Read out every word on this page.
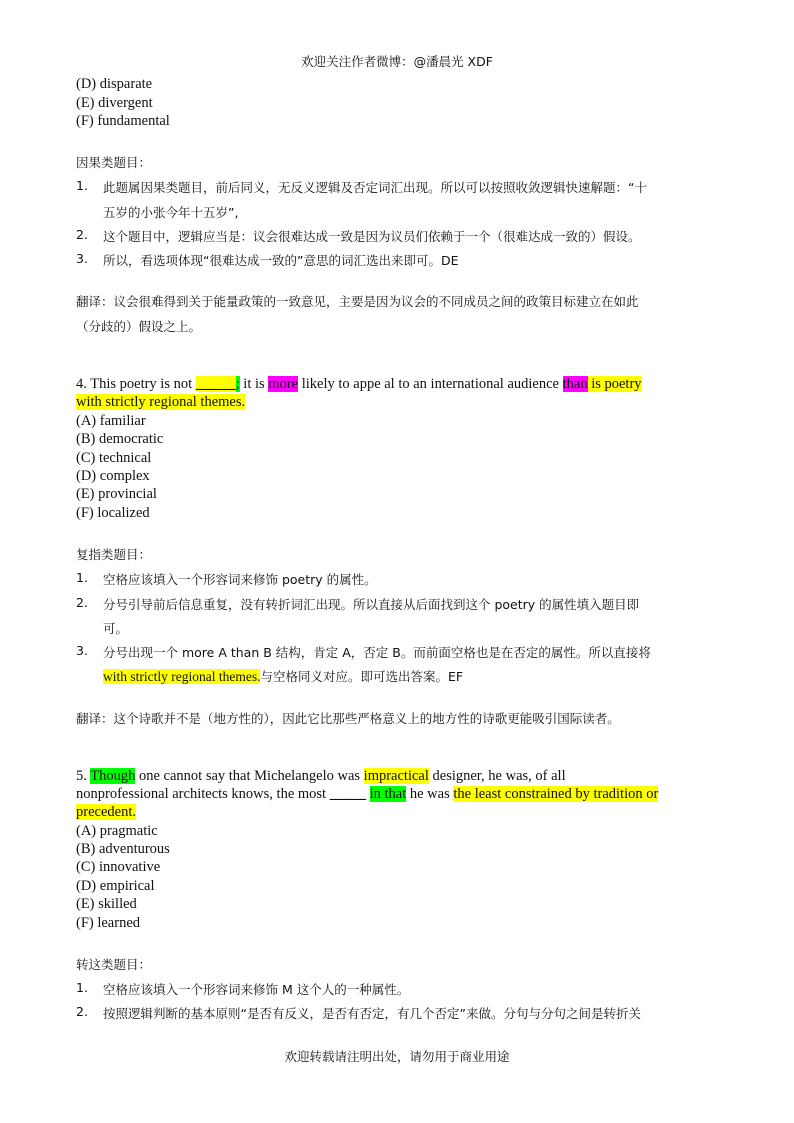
欢迎关注作者微博：@潘晨光 XDF
(D) disparate
(E) divergent
(F) fundamental
因果类题目：
1. 此题属因果类题目，前后同义，无反义逻辑及否定词汇出现。所以可以按照收敛逻辑快速解题：“十
五岁的小张今年十五岁”,
2. 这个题目中，逻辑应当是：议会很难达成一致是因为议员们依赖于一个（很难达成一致的）假设。
3. 所以，看选项体现“很难达成一致的”意思的词汇选出来即可。DE
翻译：议会很难得到关于能量政策的一致意见，主要是因为议会的不同成员之间的政策目标建立在如此
（分歧的）假设之上。
4. This poetry is not ___ __; it is more likely to appe al to an international audience than is poetry
with strictly regional themes.
(A) familiar
(B) democratic
(C) technical
(D) complex
(E) provincial
(F) localized
复指类题目：
1. 空格应该填入一个形容词来修饰 poetry 的属性。
2. 分号引导前后信息重复，没有转折词汇出现。所以直接从后面找到这个 poetry 的属性填入题目即
可。
3. 分号出现一个 more A than B 结构，肯定 A，否定 B。而前面空格也是在否定的属性。所以直接将
with strictly regional themes.与空格同义对应。即可选出答案。EF
翻译：这个诗歌并不是（地方性的），因此它比那些严格意义上的地方性的诗歌更能吸引国际读者。
5. Though one cannot say that Michelangelo was impractical designer, he was, of all
nonprofessional architects knows, the most _____ in that he was the least constrained by tradition or
precedent.
(A) pragmatic
(B) adventurous
(C) innovative
(D) empirical
(E) skilled
(F) learned
转这类题目：
1. 空格应该填入一个形容词来修饰 M 这个人的一种属性。
2. 按照逻辑判断的基本原则“是否有反义，是否有否定，有几个否定”来做。分句与分句之间是转折关
欢迎转载请注明出处，请勿用于商业用途
